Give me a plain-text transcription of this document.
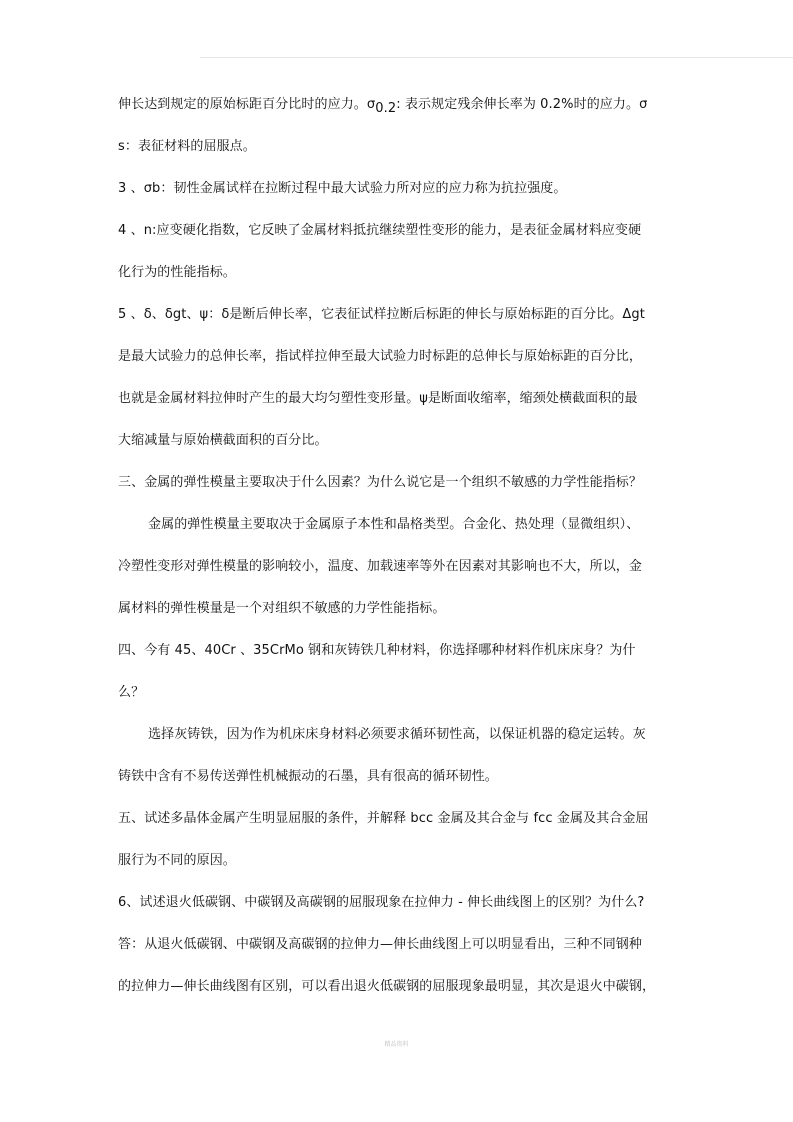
伸长达到规定的原始标距百分比时的应力。σ0.2: 表示规定残余伸长率为 0.2%时的应力。σ
s：表征材料的屈服点。
3 、σb：韧性金属试样在拉断过程中最大试验力所对应的应力称为抗拉强度。
4 、n:应变硬化指数，它反映了金属材料抵抗继续塑性变形的能力，是表征金属材料应变硬
化行为的性能指标。
5 、δ、δgt、ψ：δ是断后伸长率，它表征试样拉断后标距的伸长与原始标距的百分比。Δgt
是最大试验力的总伸长率，指试样拉伸至最大试验力时标距的总伸长与原始标距的百分比，
也就是金属材料拉伸时产生的最大均匀塑性变形量。ψ是断面收缩率，缩颈处横截面积的最
大缩减量与原始横截面积的百分比。
三、金属的弹性模量主要取决于什么因素？为什么说它是一个组织不敏感的力学性能指标？
金属的弹性模量主要取决于金属原子本性和晶格类型。合金化、热处理（显微组织）、
冷塑性变形对弹性模量的影响较小，温度、加载速率等外在因素对其影响也不大，所以，金
属材料的弹性模量是一个对组织不敏感的力学性能指标。
四、今有 45、40Cr 、35CrMo 钢和灰铸铁几种材料，你选择哪种材料作机床床身？为什
么？
选择灰铸铁，因为作为机床床身材料必须要求循环韧性高，以保证机器的稳定运转。灰
铸铁中含有不易传送弹性机械振动的石墨，具有很高的循环韧性。
五、试述多晶体金属产生明显屈服的条件，并解释 bcc 金属及其合金与 fcc 金属及其合金屈
服行为不同的原因。
6、试述退火低碳钢、中碳钢及高碳钢的屈服现象在拉伸力 - 伸长曲线图上的区别？为什么?
答：从退火低碳钢、中碳钢及高碳钢的拉伸力—伸长曲线图上可以明显看出，三种不同钢种
的拉伸力—伸长曲线图有区别，可以看出退火低碳钢的屈服现象最明显，其次是退火中碳钢，
精品资料
